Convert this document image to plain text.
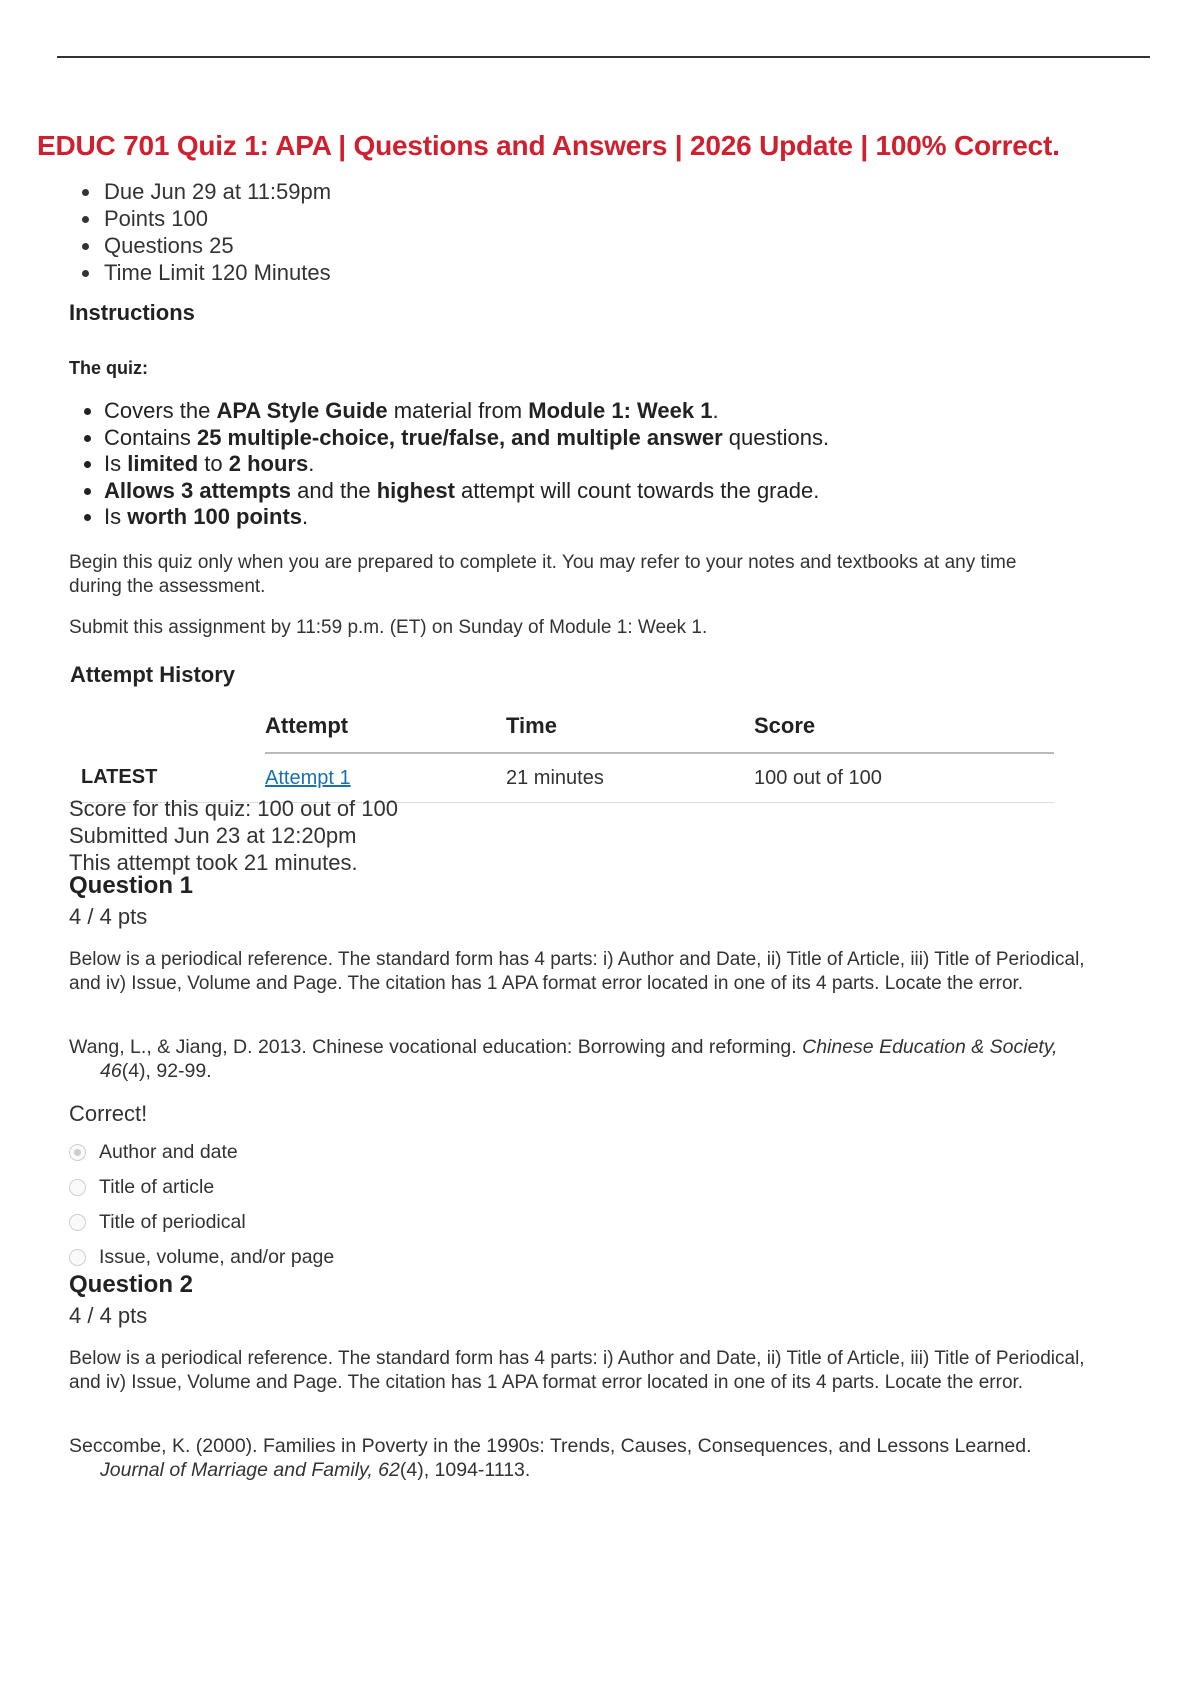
EDUC 701 Quiz 1: APA | Questions and Answers | 2026 Update | 100% Correct.
• Due Jun 29 at 11:59pm
• Points 100
• Questions 25
• Time Limit 120 Minutes
Instructions
The quiz:
• Covers the APA Style Guide material from Module 1: Week 1.
• Contains 25 multiple-choice, true/false, and multiple answer questions.
• Is limited to 2 hours.
• Allows 3 attempts and the highest attempt will count towards the grade.
• Is worth 100 points.

Begin this quiz only when you are prepared to complete it. You may refer to your notes and textbooks at any time during the assessment.

Submit this assignment by 11:59 p.m. (ET) on Sunday of Module 1: Week 1.

Attempt History
	Attempt	Time	Score
LATEST	Attempt 1	21 minutes	100 out of 100
Score for this quiz: 100 out of 100
Submitted Jun 23 at 12:20pm
This attempt took 21 minutes.
Question 1
4 / 4 pts

Below is a periodical reference. The standard form has 4 parts: i) Author and Date, ii) Title of Article, iii) Title of Periodical, and iv) Issue, Volume and Page. The citation has 1 APA format error located in one of its 4 parts. Locate the error.

Wang, L., & Jiang, D. 2013. Chinese vocational education: Borrowing and reforming. Chinese Education & Society, 46(4), 92-99.

Correct!
Author and date
Title of article
Title of periodical
Issue, volume, and/or page
Question 2
4 / 4 pts

Below is a periodical reference. The standard form has 4 parts: i) Author and Date, ii) Title of Article, iii) Title of Periodical, and iv) Issue, Volume and Page. The citation has 1 APA format error located in one of its 4 parts. Locate the error.

Seccombe, K. (2000). Families in Poverty in the 1990s: Trends, Causes, Consequences, and Lessons Learned. Journal of Marriage and Family, 62(4), 1094-1113.
